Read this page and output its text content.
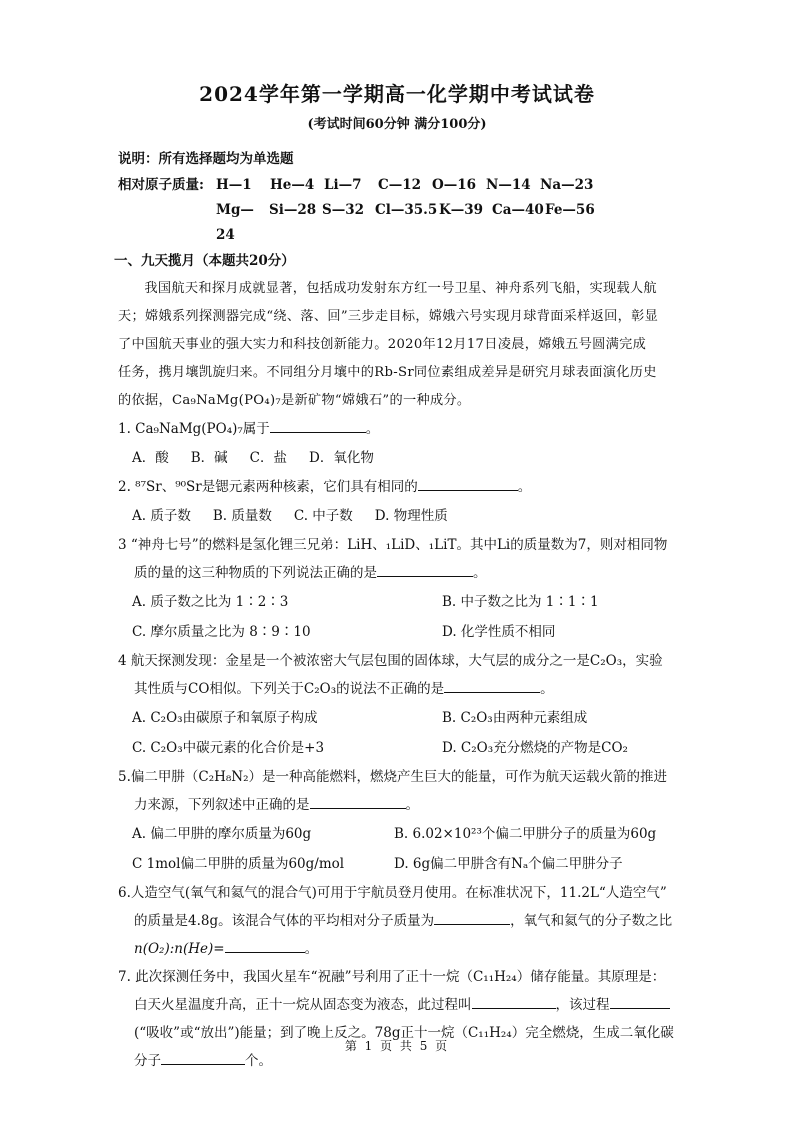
2024学年第一学期高一化学期中考试试卷
(考试时间60分钟 满分100分)
说明：所有选择题均为单选题
相对原子质量: H—1	He—4 Li—7	C—12 O—16 N—14 Na—23
Mg—24
Si—28 S—32 Cl—35.5 K—39 Ca—40 Fe—56
一、九天揽月（本题共20分）
我国航天和探月成就显著，包括成功发射东方红一号卫星、神舟系列飞船，实现载人航
天；嫦娥系列探测器完成“绕、落、回”三步走目标，嫦娥六号实现月球背面采样返回，彰显
了中国航天事业的强大实力和科技创新能力。2020年12月17日凌晨，嫦娥五号圆满完成
任务，携月壤凯旋归来。不同组分月壤中的Rb-Sr同位素组成差异是研究月球表面演化历史
的依据，Ca₉NaMg(PO₄)₇是新矿物“嫦娥石”的一种成分。
1. Ca₉NaMg(PO₄)₇属于	。
A．酸 B．碱 C．盐 D．氧化物
2. ⁸⁷Sr、⁹⁰Sr是锶元素两种核素，它们具有相同的	。
A. 质子数 B. 质量数 C. 中子数 D. 物理性质
3 “神舟七号”的燃料是氢化锂三兄弟：LiH、₁LiD、₁LiT。其中Li的质量数为7，则对相同物
质的量的这三种物质的下列说法正确的是	。
A. 质子数之比为 1∶2∶3	B. 中子数之比为 1∶1∶1
C. 摩尔质量之比为 8∶9∶10	D. 化学性质不相同
4 航天探测发现：金星是一个被浓密大气层包围的固体球，大气层的成分之一是C₂O₃，实验
其性质与CO相似。下列关于C₂O₃的说法不正确的是	。
A. C₂O₃由碳原子和氧原子构成	B. C₂O₃由两种元素组成
C. C₂O₃中碳元素的化合价是+3	D. C₂O₃充分燃烧的产物是CO₂
5.偏二甲肼（C₂H₈N₂）是一种高能燃料，燃烧产生巨大的能量，可作为航天运载火箭的推进
力来源，下列叙述中正确的是	。
A. 偏二甲肼的摩尔质量为60g	B. 6.02×10²³个偏二甲肼分子的质量为60g
C 1mol偏二甲肼的质量为60g/mol	D. 6g偏二甲肼含有Nₐ个偏二甲肼分子
6.人造空气(氧气和氦气的混合气)可用于宇航员登月使用。在标准状况下，11.2L“人造空气”
的质量是4.8g。该混合气体的平均相对分子质量为	，氧气和氦气的分子数之比
n(O₂):n(He)=	。
7. 此次探测任务中，我国火星车“祝融”号利用了正十一烷（C₁₁H₂₄）储存能量。其原理是：
白天火星温度升高，正十一烷从固态变为液态，此过程叫	，该过程
(“吸收”或“放出”)能量；到了晚上反之。78g正十一烷（C₁₁H₂₄）完全燃烧，生成二氧化碳
分子	个。
第 1 页 共 5 页
